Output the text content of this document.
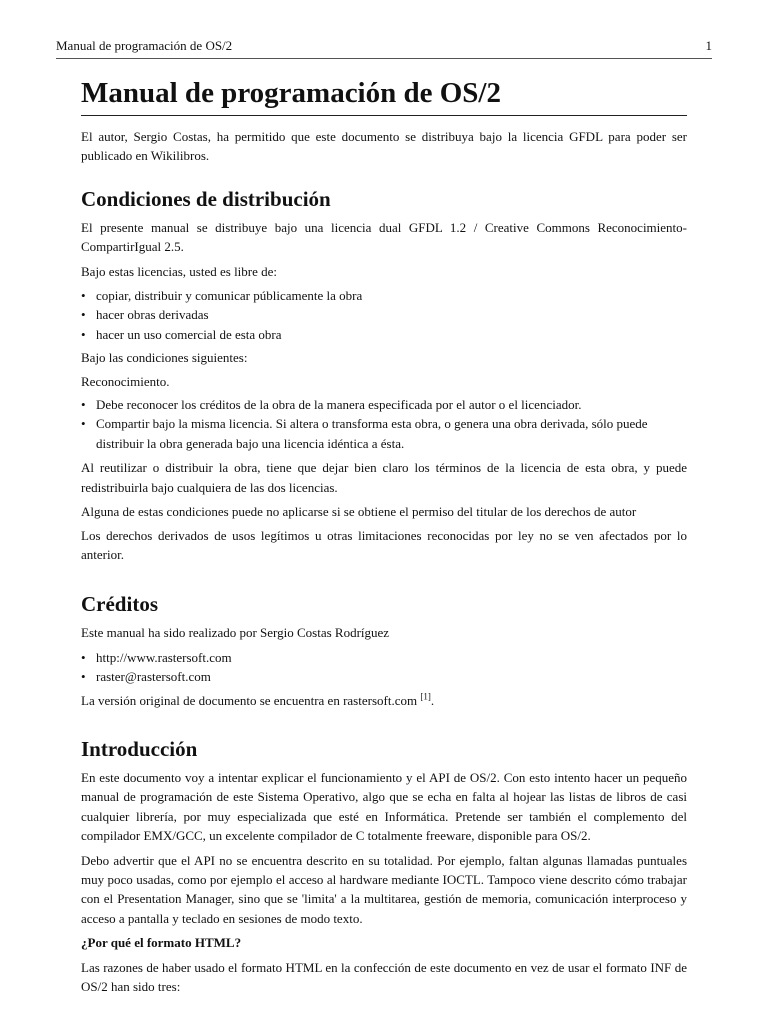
Manual de programación de OS/2	1
Manual de programación de OS/2

El autor, Sergio Costas, ha permitido que este documento se distribuya bajo la licencia GFDL para poder ser publicado en Wikilibros.

Condiciones de distribución

El presente manual se distribuye bajo una licencia dual GFDL 1.2 / Creative Commons Reconocimiento-CompartirIgual 2.5.

Bajo estas licencias, usted es libre de:

• copiar, distribuir y comunicar públicamente la obra
• hacer obras derivadas
• hacer un uso comercial de esta obra

Bajo las condiciones siguientes:

Reconocimiento.

• Debe reconocer los créditos de la obra de la manera especificada por el autor o el licenciador.
• Compartir bajo la misma licencia. Si altera o transforma esta obra, o genera una obra derivada, sólo puede distribuir la obra generada bajo una licencia idéntica a ésta.

Al reutilizar o distribuir la obra, tiene que dejar bien claro los términos de la licencia de esta obra, y puede redistribuirla bajo cualquiera de las dos licencias.

Alguna de estas condiciones puede no aplicarse si se obtiene el permiso del titular de los derechos de autor

Los derechos derivados de usos legítimos u otras limitaciones reconocidas por ley no se ven afectados por lo anterior.

Créditos

Este manual ha sido realizado por Sergio Costas Rodríguez

• http://www.rastersoft.com
• raster@rastersoft.com

La versión original de documento se encuentra en rastersoft.com [1].

Introducción

En este documento voy a intentar explicar el funcionamiento y el API de OS/2. Con esto intento hacer un pequeño manual de programación de este Sistema Operativo, algo que se echa en falta al hojear las listas de libros de casi cualquier librería, por muy especializada que esté en Informática. Pretende ser también el complemento del compilador EMX/GCC, un excelente compilador de C totalmente freeware, disponible para OS/2.

Debo advertir que el API no se encuentra descrito en su totalidad. Por ejemplo, faltan algunas llamadas puntuales muy poco usadas, como por ejemplo el acceso al hardware mediante IOCTL. Tampoco viene descrito cómo trabajar con el Presentation Manager, sino que se 'limita' a la multitarea, gestión de memoria, comunicación interproceso y acceso a pantalla y teclado en sesiones de modo texto.

¿Por qué el formato HTML?

Las razones de haber usado el formato HTML en la confección de este documento en vez de usar el formato INF de OS/2 han sido tres:
